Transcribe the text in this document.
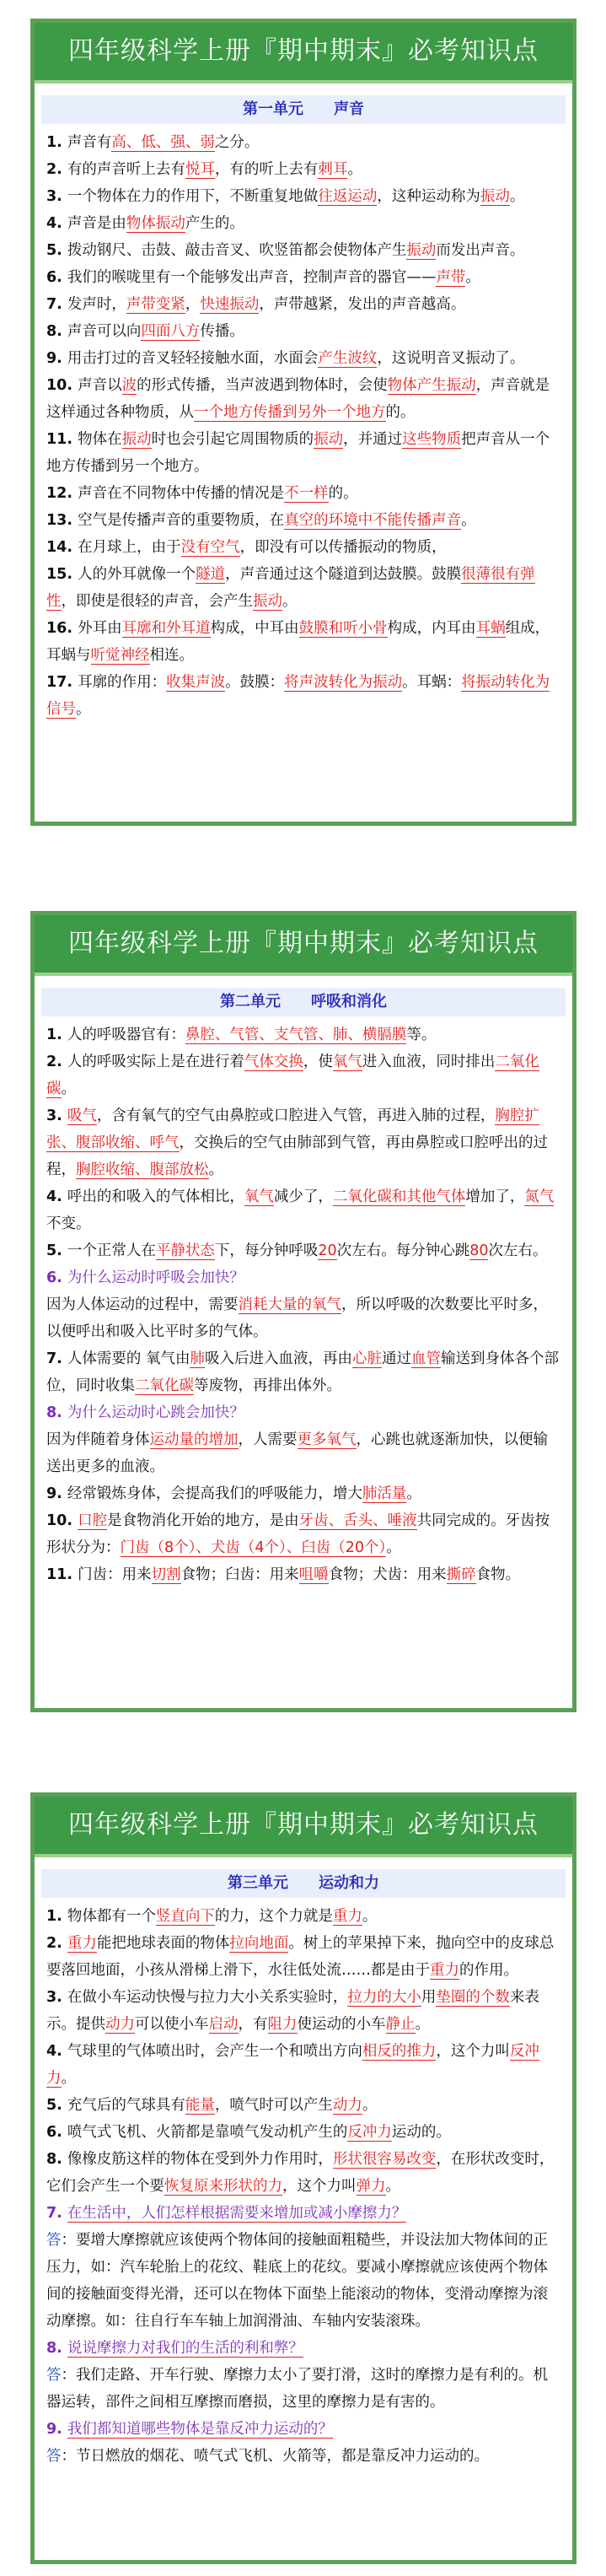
四年级科学上册『期中期末』必考知识点
第一单元　　声音

1. 声音有高、低、强、弱之分。

2. 有的声音听上去有悦耳，有的听上去有刺耳。

3. 一个物体在力的作用下，不断重复地做往返运动，这种运动称为振动。

4. 声音是由物体振动产生的。

5. 拨动钢尺、击鼓、敲击音叉、吹竖笛都会使物体产生振动而发出声音。

6. 我们的喉咙里有一个能够发出声音，控制声音的器官——声带。

7. 发声时，声带变紧，快速振动，声带越紧，发出的声音越高。

8. 声音可以向四面八方传播。

9. 用击打过的音叉轻轻接触水面，水面会产生波纹，这说明音叉振动了。

10. 声音以波的形式传播，当声波遇到物体时，会使物体产生振动，声音就是这样通过各种物质，从一个地方传播到另外一个地方的。

11. 物体在振动时也会引起它周围物质的振动，并通过这些物质把声音从一个地方传播到另一个地方。

12. 声音在不同物体中传播的情况是不一样的。

13. 空气是传播声音的重要物质，在真空的环境中不能传播声音。

14. 在月球上，由于没有空气，即没有可以传播振动的物质，

15. 人的外耳就像一个隧道，声音通过这个隧道到达鼓膜。鼓膜很薄很有弹性，即使是很轻的声音，会产生振动。

16. 外耳由耳廓和外耳道构成，中耳由鼓膜和听小骨构成，内耳由耳蜗组成，耳蜗与听觉神经相连。

17. 耳廓的作用：收集声波。鼓膜：将声波转化为振动。耳蜗：将振动转化为信号。

四年级科学上册『期中期末』必考知识点
第二单元　　呼吸和消化

1. 人的呼吸器官有：鼻腔、气管、支气管、肺、横膈膜等。

2. 人的呼吸实际上是在进行着气体交换，使氧气进入血液，同时排出二氧化碳。

3. 吸气，含有氧气的空气由鼻腔或口腔进入气管，再进入肺的过程，胸腔扩张、腹部收缩、呼气，交换后的空气由肺部到气管，再由鼻腔或口腔呼出的过程，胸腔收缩、腹部放松。

4. 呼出的和吸入的气体相比，氧气减少了，二氧化碳和其他气体增加了，氮气不变。

5. 一个正常人在平静状态下，每分钟呼吸20次左右。每分钟心跳80次左右。

6. 为什么运动时呼吸会加快？

因为人体运动的过程中，需要消耗大量的氧气，所以呼吸的次数要比平时多，以便呼出和吸入比平时多的气体。

7. 人体需要的 氧气由肺吸入后进入血液，再由心脏通过血管输送到身体各个部位，同时收集二氧化碳等废物，再排出体外。

8. 为什么运动时心跳会加快？

因为伴随着身体运动量的增加，人需要更多氧气，心跳也就逐渐加快，以便输送出更多的血液。

9. 经常锻炼身体，会提高我们的呼吸能力，增大肺活量。

10. 口腔是食物消化开始的地方，是由牙齿、舌头、唾液共同完成的。牙齿按形状分为：门齿（8个）、犬齿（4个）、臼齿（20个）。

11. 门齿：用来切割食物；臼齿：用来咀嚼食物；犬齿：用来撕碎食物。

四年级科学上册『期中期末』必考知识点
第三单元　　运动和力

1. 物体都有一个竖直向下的力，这个力就是重力。

2. 重力能把地球表面的物体拉向地面。树上的苹果掉下来，抛向空中的皮球总要落回地面，小孩从滑梯上滑下，水往低处流……都是由于重力的作用。

3. 在做小车运动快慢与拉力大小关系实验时，拉力的大小用垫圈的个数来表示。提供动力可以使小车启动，有阻力使运动的小车静止。

4. 气球里的气体喷出时，会产生一个和喷出方向相反的推力，这个力叫反冲力。

5. 充气后的气球具有能量，喷气时可以产生动力。

6. 喷气式飞机、火箭都是靠喷气发动机产生的反冲力运动的。

8. 像橡皮筋这样的物体在受到外力作用时，形状很容易改变，在形状改变时，它们会产生一个要恢复原来形状的力，这个力叫弹力。

7. 在生活中，人们怎样根据需要来增加或减小摩擦力？

答：要增大摩擦就应该使两个物体间的接触面粗糙些，并设法加大物体间的正压力，如：汽车轮胎上的花纹、鞋底上的花纹。要减小摩擦就应该使两个物体间的接触面变得光滑，还可以在物体下面垫上能滚动的物体，变滑动摩擦为滚动摩擦。如：往自行车车轴上加润滑油、车轴内安装滚珠。

8. 说说摩擦力对我们的生活的利和弊？

答：我们走路、开车行驶、摩擦力太小了要打滑，这时的摩擦力是有利的。机器运转，部件之间相互摩擦而磨损，这里的摩擦力是有害的。

9. 我们都知道哪些物体是靠反冲力运动的？

答：节日燃放的烟花、喷气式飞机、火箭等，都是靠反冲力运动的。
